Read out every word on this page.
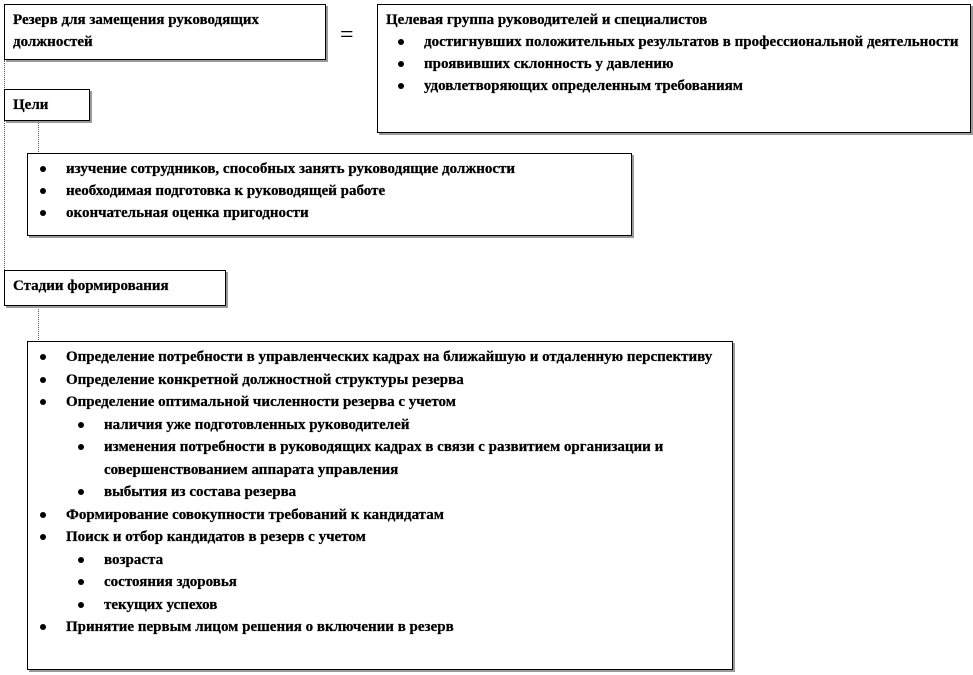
Резерв для замещения руководящих должностей	=
Целевая группа руководителей и специалистов
достигнувших положительных результатов в профессиональной деятельности
проявивших склонность у давлению
удовлетворяющих определенным требованиям
Цели
изучение сотрудников, способных занять руководящие должности
необходимая подготовка к руководящей работе
окончательная оценка пригодности
Стадии формирования
Определение потребности в управленческих кадрах на ближайшую и отдаленную перспективу
Определение конкретной должностной структуры резерва
Определение оптимальной численности резерва с учетом
наличия уже подготовленных руководителей
изменения потребности в руководящих кадрах в связи с развитием организации и совершенствованием аппарата управления
выбытия из состава резерва
Формирование совокупности требований к кандидатам
Поиск и отбор кандидатов в резерв с учетом
возраста
состояния здоровья
текущих успехов
Принятие первым лицом решения о включении в резерв
